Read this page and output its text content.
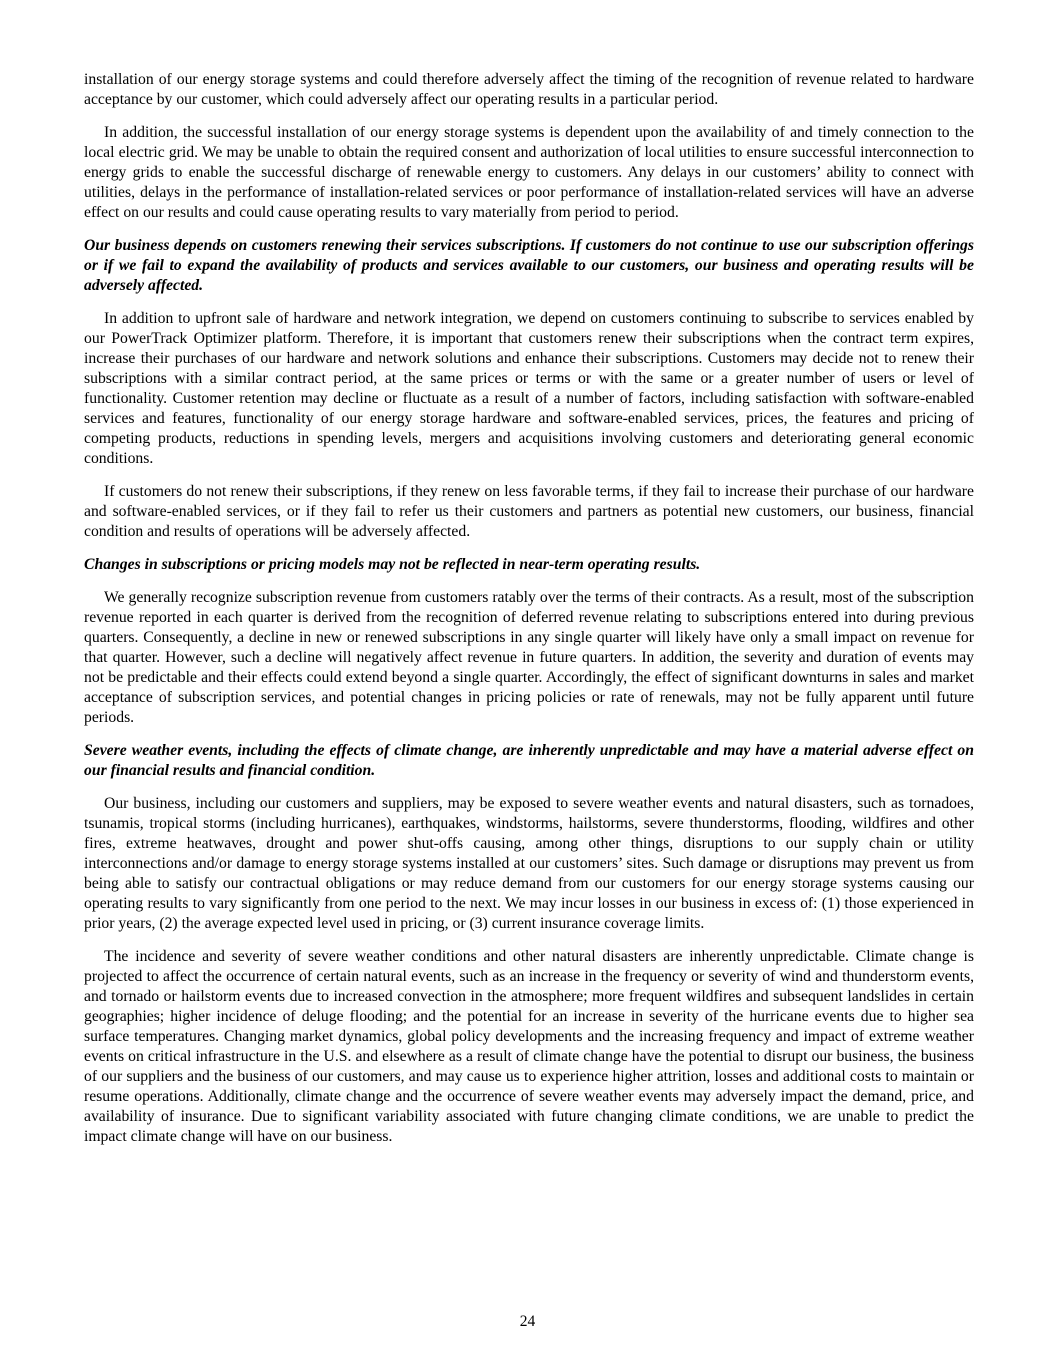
installation of our energy storage systems and could therefore adversely affect the timing of the recognition of revenue related to hardware acceptance by our customer, which could adversely affect our operating results in a particular period.

In addition, the successful installation of our energy storage systems is dependent upon the availability of and timely connection to the local electric grid. We may be unable to obtain the required consent and authorization of local utilities to ensure successful interconnection to energy grids to enable the successful discharge of renewable energy to customers. Any delays in our customers’ ability to connect with utilities, delays in the performance of installation-related services or poor performance of installation-related services will have an adverse effect on our results and could cause operating results to vary materially from period to period.

Our business depends on customers renewing their services subscriptions. If customers do not continue to use our subscription offerings or if we fail to expand the availability of products and services available to our customers, our business and operating results will be adversely affected.

In addition to upfront sale of hardware and network integration, we depend on customers continuing to subscribe to services enabled by our PowerTrack Optimizer platform. Therefore, it is important that customers renew their subscriptions when the contract term expires, increase their purchases of our hardware and network solutions and enhance their subscriptions. Customers may decide not to renew their subscriptions with a similar contract period, at the same prices or terms or with the same or a greater number of users or level of functionality. Customer retention may decline or fluctuate as a result of a number of factors, including satisfaction with software-enabled services and features, functionality of our energy storage hardware and software-enabled services, prices, the features and pricing of competing products, reductions in spending levels, mergers and acquisitions involving customers and deteriorating general economic conditions.

If customers do not renew their subscriptions, if they renew on less favorable terms, if they fail to increase their purchase of our hardware and software-enabled services, or if they fail to refer us their customers and partners as potential new customers, our business, financial condition and results of operations will be adversely affected.

Changes in subscriptions or pricing models may not be reflected in near-term operating results.

We generally recognize subscription revenue from customers ratably over the terms of their contracts. As a result, most of the subscription revenue reported in each quarter is derived from the recognition of deferred revenue relating to subscriptions entered into during previous quarters. Consequently, a decline in new or renewed subscriptions in any single quarter will likely have only a small impact on revenue for that quarter. However, such a decline will negatively affect revenue in future quarters. In addition, the severity and duration of events may not be predictable and their effects could extend beyond a single quarter. Accordingly, the effect of significant downturns in sales and market acceptance of subscription services, and potential changes in pricing policies or rate of renewals, may not be fully apparent until future periods.

Severe weather events, including the effects of climate change, are inherently unpredictable and may have a material adverse effect on our financial results and financial condition.

Our business, including our customers and suppliers, may be exposed to severe weather events and natural disasters, such as tornadoes, tsunamis, tropical storms (including hurricanes), earthquakes, windstorms, hailstorms, severe thunderstorms, flooding, wildfires and other fires, extreme heatwaves, drought and power shut-offs causing, among other things, disruptions to our supply chain or utility interconnections and/or damage to energy storage systems installed at our customers’ sites. Such damage or disruptions may prevent us from being able to satisfy our contractual obligations or may reduce demand from our customers for our energy storage systems causing our operating results to vary significantly from one period to the next. We may incur losses in our business in excess of: (1) those experienced in prior years, (2) the average expected level used in pricing, or (3) current insurance coverage limits.

The incidence and severity of severe weather conditions and other natural disasters are inherently unpredictable. Climate change is projected to affect the occurrence of certain natural events, such as an increase in the frequency or severity of wind and thunderstorm events, and tornado or hailstorm events due to increased convection in the atmosphere; more frequent wildfires and subsequent landslides in certain geographies; higher incidence of deluge flooding; and the potential for an increase in severity of the hurricane events due to higher sea surface temperatures. Changing market dynamics, global policy developments and the increasing frequency and impact of extreme weather events on critical infrastructure in the U.S. and elsewhere as a result of climate change have the potential to disrupt our business, the business of our suppliers and the business of our customers, and may cause us to experience higher attrition, losses and additional costs to maintain or resume operations. Additionally, climate change and the occurrence of severe weather events may adversely impact the demand, price, and availability of insurance. Due to significant variability associated with future changing climate conditions, we are unable to predict the impact climate change will have on our business.

24
